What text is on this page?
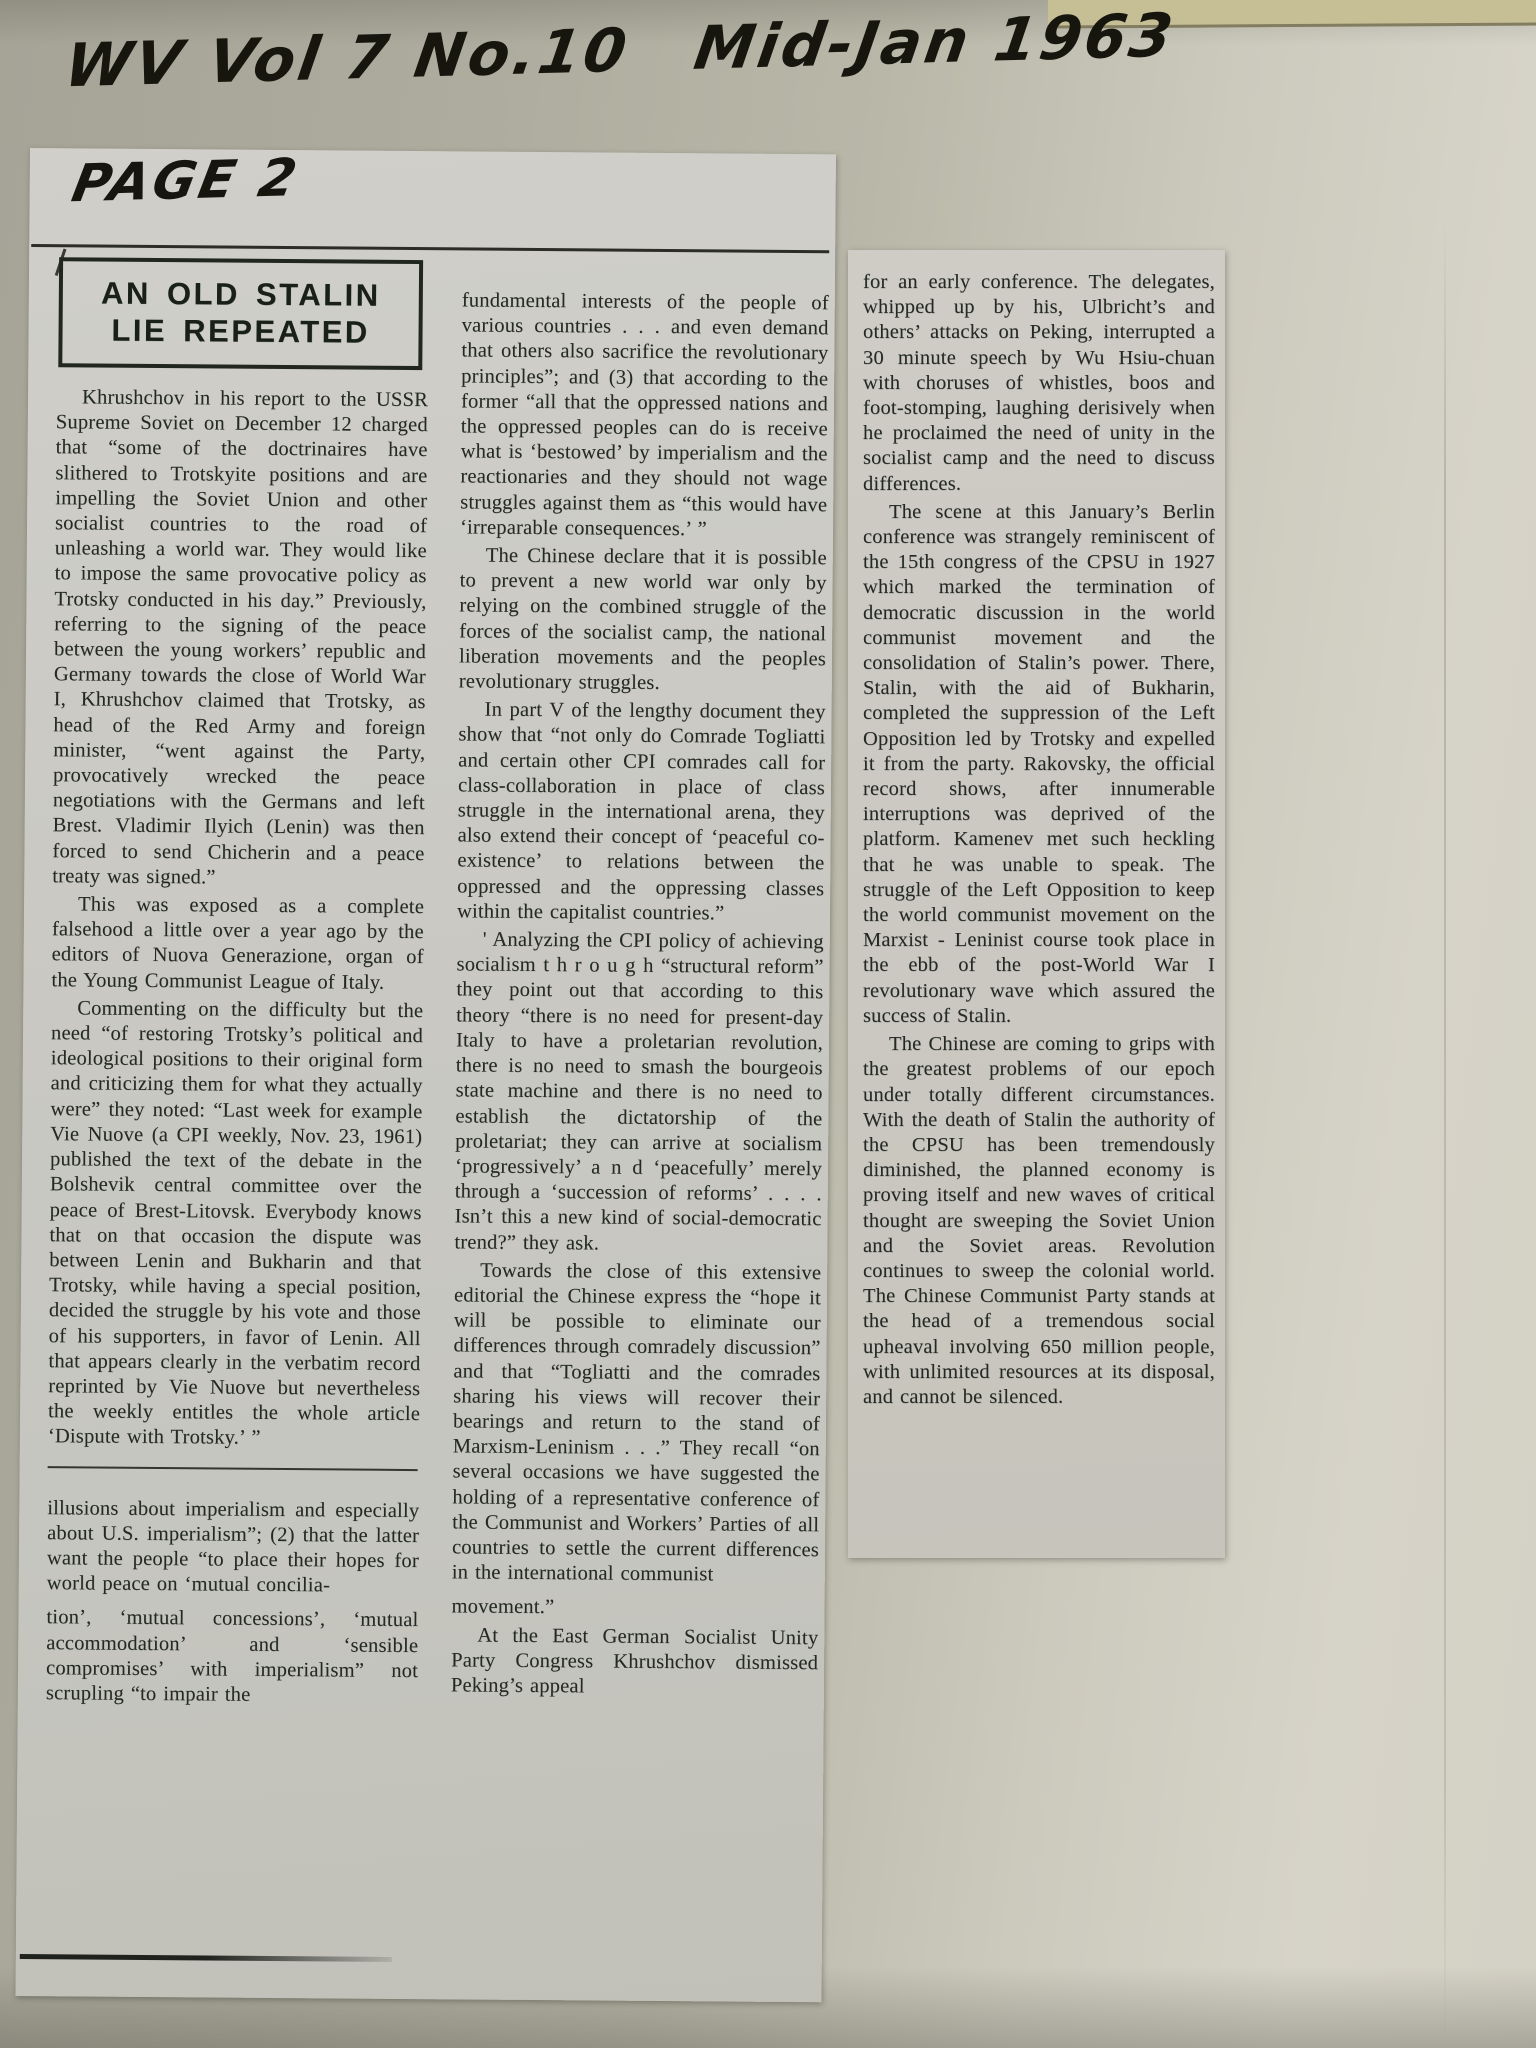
WV Vol 7 No.10 Mid-Jan 1963
PAGE 2
AN OLD STALIN
LIE REPEATED

Khrushchov in his report to the USSR Supreme Soviet on December 12 charged that “some of the doctrinaires have slithered to Trotskyite positions and are impelling the Soviet Union and other socialist countries to the road of unleashing a world war. They would like to impose the same provocative policy as Trotsky conducted in his day.” Previously, referring to the signing of the peace between the young workers’ republic and Germany towards the close of World War I, Khrushchov claimed that Trotsky, as head of the Red Army and foreign minister, “went against the Party, provocatively wrecked the peace negotiations with the Germans and left Brest. Vladimir Ilyich (Lenin) was then forced to send Chicherin and a peace treaty was signed.”

This was exposed as a complete falsehood a little over a year ago by the editors of Nuova Generazione, organ of the Young Communist League of Italy.

Commenting on the difficulty but the need “of restoring Trotsky’s political and ideological positions to their original form and criticizing them for what they actually were” they noted: “Last week for example Vie Nuove (a CPI weekly, Nov. 23, 1961) published the text of the debate in the Bolshevik central committee over the peace of Brest-Litovsk. Everybody knows that on that occasion the dispute was between Lenin and Bukharin and that Trotsky, while having a special position, decided the struggle by his vote and those of his supporters, in favor of Lenin. All that appears clearly in the verbatim record reprinted by Vie Nuove but nevertheless the weekly entitles the whole article ‘Dispute with Trotsky.’ ”

illusions about imperialism and especially about U.S. imperialism”; (2) that the latter want the people “to place their hopes for world peace on ‘mutual concilia-

tion’, ‘mutual concessions’, ‘mutual accommodation’ and ‘sensible compromises’ with imperialism” not scrupling “to impair the

fundamental interests of the people of various countries . . . and even demand that others also sacrifice the revolutionary principles”; and (3) that according to the former “all that the oppressed nations and the oppressed peoples can do is receive what is ‘bestowed’ by imperialism and the reactionaries and they should not wage struggles against them as “this would have ‘irreparable consequences.’ ”

The Chinese declare that it is possible to prevent a new world war only by relying on the combined struggle of the forces of the socialist camp, the national liberation movements and the peoples revolutionary struggles.

In part V of the lengthy document they show that “not only do Comrade Togliatti and certain other CPI comrades call for class-collaboration in place of class struggle in the international arena, they also extend their concept of ‘peaceful co-existence’ to relations between the oppressed and the oppressing classes within the capitalist countries.”

' Analyzing the CPI policy of achieving socialism t h r o u g h “structural reform” they point out that according to this theory “there is no need for present-day Italy to have a proletarian revolution, there is no need to smash the bourgeois state machine and there is no need to establish the dictatorship of the proletariat; they can arrive at socialism ‘progressively’ a n d ‘peacefully’ merely through a ‘succession of reforms’ . . . . Isn’t this a new kind of social-democratic trend?” they ask.

Towards the close of this extensive editorial the Chinese express the “hope it will be possible to eliminate our differences through comradely discussion” and that “Togliatti and the comrades sharing his views will recover their bearings and return to the stand of Marxism-Leninism . . .” They recall “on several occasions we have suggested the holding of a representative conference of the Communist and Workers’ Parties of all countries to settle the current differences in the international communist

movement.”

At the East German Socialist Unity Party Congress Khrushchov dismissed Peking’s appeal

for an early conference. The delegates, whipped up by his, Ulbricht’s and others’ attacks on Peking, interrupted a 30 minute speech by Wu Hsiu-chuan with choruses of whistles, boos and foot-stomping, laughing derisively when he proclaimed the need of unity in the socialist camp and the need to discuss differences.

The scene at this January’s Berlin conference was strangely reminiscent of the 15th congress of the CPSU in 1927 which marked the termination of democratic discussion in the world communist movement and the consolidation of Stalin’s power. There, Stalin, with the aid of Bukharin, completed the suppression of the Left Opposition led by Trotsky and expelled it from the party. Rakovsky, the official record shows, after innumerable interruptions was deprived of the platform. Kamenev met such heckling that he was unable to speak. The struggle of the Left Opposition to keep the world communist movement on the Marxist - Leninist course took place in the ebb of the post-World War I revolutionary wave which assured the success of Stalin.

The Chinese are coming to grips with the greatest problems of our epoch under totally different circumstances. With the death of Stalin the authority of the CPSU has been tremendously diminished, the planned economy is proving itself and new waves of critical thought are sweeping the Soviet Union and the Soviet areas. Revolution continues to sweep the colonial world. The Chinese Communist Party stands at the head of a tremendous social upheaval involving 650 million people, with unlimited resources at its disposal, and cannot be silenced.
